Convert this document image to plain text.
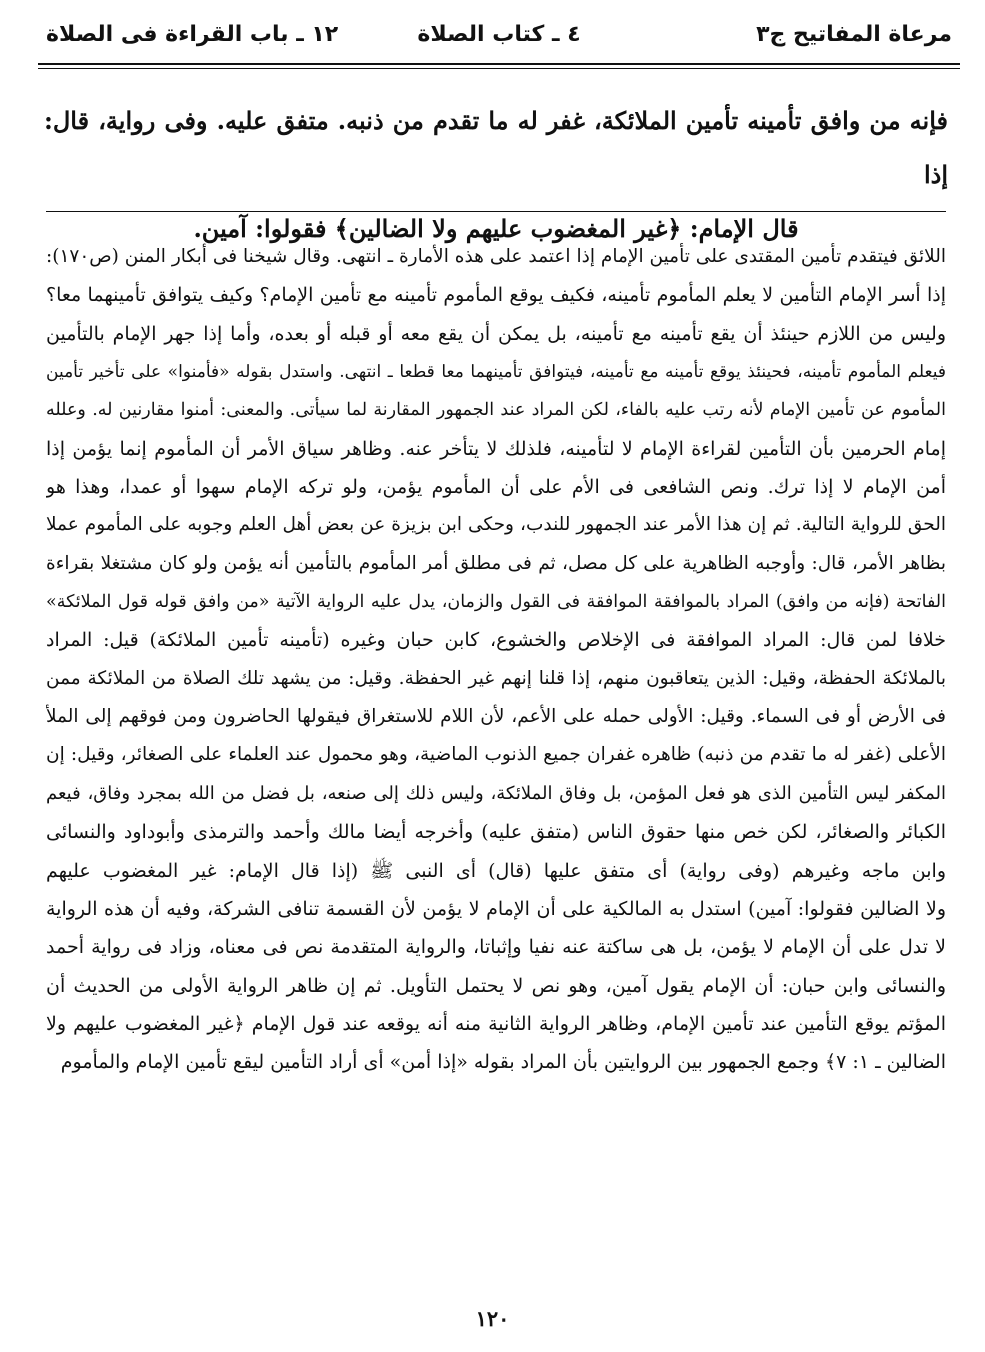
مرعاة المفاتيح ج٣
٤ ـ كتاب الصلاة
١٢ ـ باب القراءة فى الصلاة

فإنه من وافق تأمينه تأمين الملائكة، غفر له ما تقدم من ذنبه. متفق عليه. وفى رواية، قال: إذا

قال الإمام: ﴿غير المغضوب عليهم ولا الضالين﴾ فقولوا: آمين.

اللائق فيتقدم تأمين المقتدى على تأمين الإمام إذا اعتمد على هذه الأمارة ـ انتهى. وقال شيخنا فى أبكار المنن (ص١٧٠):
إذا أسر الإمام التأمين لا يعلم المأموم تأمينه، فكيف يوقع المأموم تأمينه مع تأمين الإمام؟ وكيف يتوافق تأمينهما معا؟
وليس من اللازم حينئذ أن يقع تأمينه مع تأمينه، بل يمكن أن يقع معه أو قبله أو بعده، وأما إذا جهر الإمام بالتأمين
فيعلم المأموم تأمينه، فحينئذ يوقع تأمينه مع تأمينه، فيتوافق تأمينهما معا قطعا ـ انتهى. واستدل بقوله «فأمنوا» على تأخير تأمين
المأموم عن تأمين الإمام لأنه رتب عليه بالفاء، لكن المراد عند الجمهور المقارنة لما سيأتى. والمعنى: أمنوا مقارنين له. وعلله
إمام الحرمين بأن التأمين لقراءة الإمام لا لتأمينه، فلذلك لا يتأخر عنه. وظاهر سياق الأمر أن المأموم إنما يؤمن إذا
أمن الإمام لا إذا ترك. ونص الشافعى فى الأم على أن المأموم يؤمن، ولو تركه الإمام سهوا أو عمدا، وهذا هو
الحق للرواية التالية. ثم إن هذا الأمر عند الجمهور للندب، وحكى ابن بزيزة عن بعض أهل العلم وجوبه على المأموم عملا
بظاهر الأمر، قال: وأوجبه الظاهرية على كل مصل، ثم فى مطلق أمر المأموم بالتأمين أنه يؤمن ولو كان مشتغلا بقراءة
الفاتحة (فإنه من وافق) المراد بالموافقة الموافقة فى القول والزمان، يدل عليه الرواية الآتية «من وافق قوله قول الملائكة»
خلافا لمن قال: المراد الموافقة فى الإخلاص والخشوع، كابن حبان وغيره (تأمينه تأمين الملائكة) قيل: المراد
بالملائكة الحفظة، وقيل: الذين يتعاقبون منهم، إذا قلنا إنهم غير الحفظة. وقيل: من يشهد تلك الصلاة من الملائكة ممن
فى الأرض أو فى السماء. وقيل: الأولى حمله على الأعم، لأن اللام للاستغراق فيقولها الحاضرون ومن فوقهم إلى الملأ
الأعلى (غفر له ما تقدم من ذنبه) ظاهره غفران جميع الذنوب الماضية، وهو محمول عند العلماء على الصغائر، وقيل: إن
المكفر ليس التأمين الذى هو فعل المؤمن، بل وفاق الملائكة، وليس ذلك إلى صنعه، بل فضل من الله بمجرد وفاق، فيعم
الكبائر والصغائر، لكن خص منها حقوق الناس (متفق عليه) وأخرجه أيضا مالك وأحمد والترمذى وأبوداود والنسائى
وابن ماجه وغيرهم (وفى رواية) أى متفق عليها (قال) أى النبى ﷺ (إذا قال الإمام: غير المغضوب عليهم
ولا الضالين فقولوا: آمين) استدل به المالكية على أن الإمام لا يؤمن لأن القسمة تنافى الشركة، وفيه أن هذه الرواية
لا تدل على أن الإمام لا يؤمن، بل هى ساكتة عنه نفيا وإثباتا، والرواية المتقدمة نص فى معناه، وزاد فى رواية أحمد
والنسائى وابن حبان: أن الإمام يقول آمين، وهو نص لا يحتمل التأويل. ثم إن ظاهر الرواية الأولى من الحديث أن
المؤتم يوقع التأمين عند تأمين الإمام، وظاهر الرواية الثانية منه أنه يوقعه عند قول الإمام ﴿غير المغضوب عليهم ولا
الضالين ـ ١: ٧﴾ وجمع الجمهور بين الروايتين بأن المراد بقوله «إذا أمن» أى أراد التأمين ليقع تأمين الإمام والمأموم
١٢٠
